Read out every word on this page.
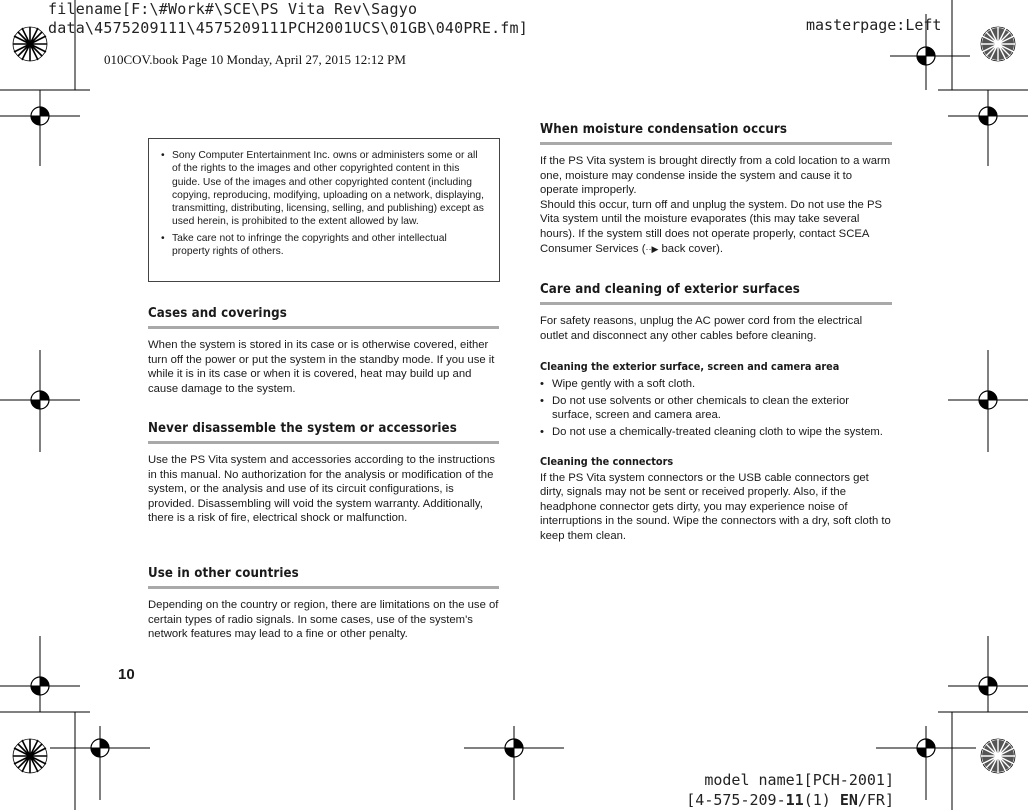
filename[F:\#Work#\SCE\PS Vita Rev\Sagyo
data\4575209111\4575209111PCH2001UCS\01GB\040PRE.fm]	masterpage:Left
010COV.book Page 10 Monday, April 27, 2015 12:12 PM
• Sony Computer Entertainment Inc. owns or administers some or all of the rights to the images and other copyrighted content in this guide. Use of the images and other copyrighted content (including copying, reproducing, modifying, uploading on a network, displaying, transmitting, distributing, licensing, selling, and publishing) except as used herein, is prohibited to the extent allowed by law.
• Take care not to infringe the copyrights and other intellectual property rights of others.
Cases and coverings

When the system is stored in its case or is otherwise covered, either turn off the power or put the system in the standby mode. If you use it while it is in its case or when it is covered, heat may build up and cause damage to the system.

Never disassemble the system or accessories

Use the PS Vita system and accessories according to the instructions in this manual. No authorization for the analysis or modification of the system, or the analysis and use of its circuit configurations, is provided. Disassembling will void the system warranty. Additionally, there is a risk of fire, electrical shock or malfunction.

Use in other countries

Depending on the country or region, there are limitations on the use of certain types of radio signals. In some cases, use of the system's network features may lead to a fine or other penalty.

10
When moisture condensation occurs

If the PS Vita system is brought directly from a cold location to a warm one, moisture may condense inside the system and cause it to operate improperly.

Should this occur, turn off and unplug the system. Do not use the PS Vita system until the moisture evaporates (this may take several hours). If the system still does not operate properly, contact SCEA Consumer Services (··▶ back cover).

Care and cleaning of exterior surfaces

For safety reasons, unplug the AC power cord from the electrical outlet and disconnect any other cables before cleaning.

Cleaning the exterior surface, screen and camera area
• Wipe gently with a soft cloth.
• Do not use solvents or other chemicals to clean the exterior surface, screen and camera area.
• Do not use a chemically-treated cleaning cloth to wipe the system.
Cleaning the connectors

If the PS Vita system connectors or the USB cable connectors get dirty, signals may not be sent or received properly. Also, if the headphone connector gets dirty, you may experience noise of interruptions in the sound. Wipe the connectors with a dry, soft cloth to keep them clean.

model name1[PCH-2001]
[4-575-209-11(1) EN/FR]
